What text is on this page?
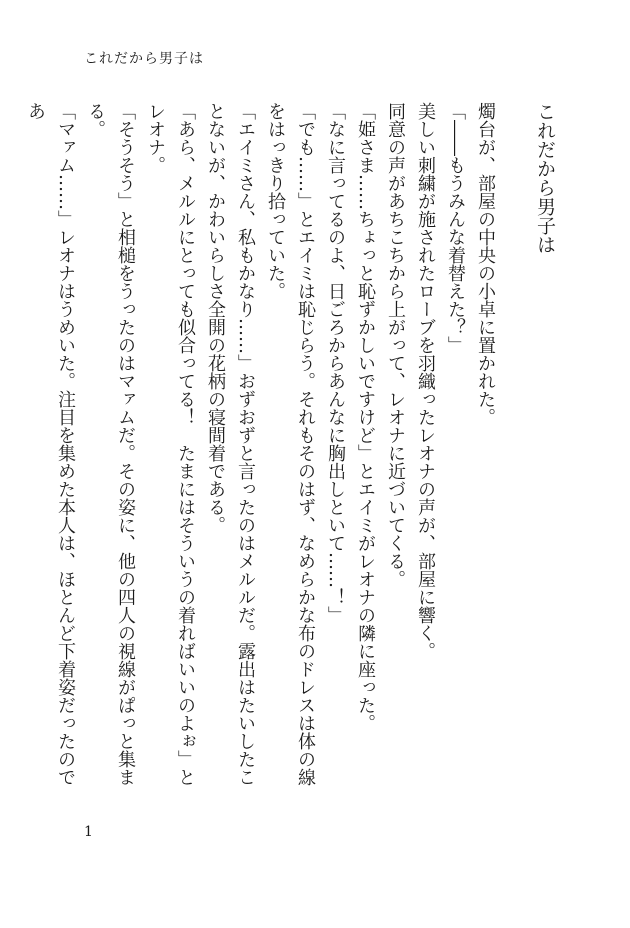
これだから男子は
これだから男子は

燭台が、部屋の中央の小卓に置かれた。

「――もうみんな着替えた？」

美しい刺繍が施されたローブを羽織ったレオナの声が、部屋に響く。

同意の声があちこちから上がって、レオナに近づいてくる。

「姫さま……ちょっと恥ずかしいですけど」とエイミがレオナの隣に座った。

「なに言ってるのよ、日ごろからあんなに胸出しといて……！」

「でも……」とエイミは恥じらう。それもそのはず、なめらかな布のドレスは体の線をはっきり拾っていた。

「エイミさん、私もかなり……」おずおずと言ったのはメルルだ。露出はたいしたことないが、かわいらしさ全開の花柄の寝間着である。

「あら、メルルにとっても似合ってる！　たまにはそういうの着ればいいのよぉ」とレオナ。

「そうそう」と相槌をうったのはマァムだ。その姿に、他の四人の視線がぱっと集まる。

「マァム……」レオナはうめいた。注目を集めた本人は、ほとんど下着姿だったのであ

1
